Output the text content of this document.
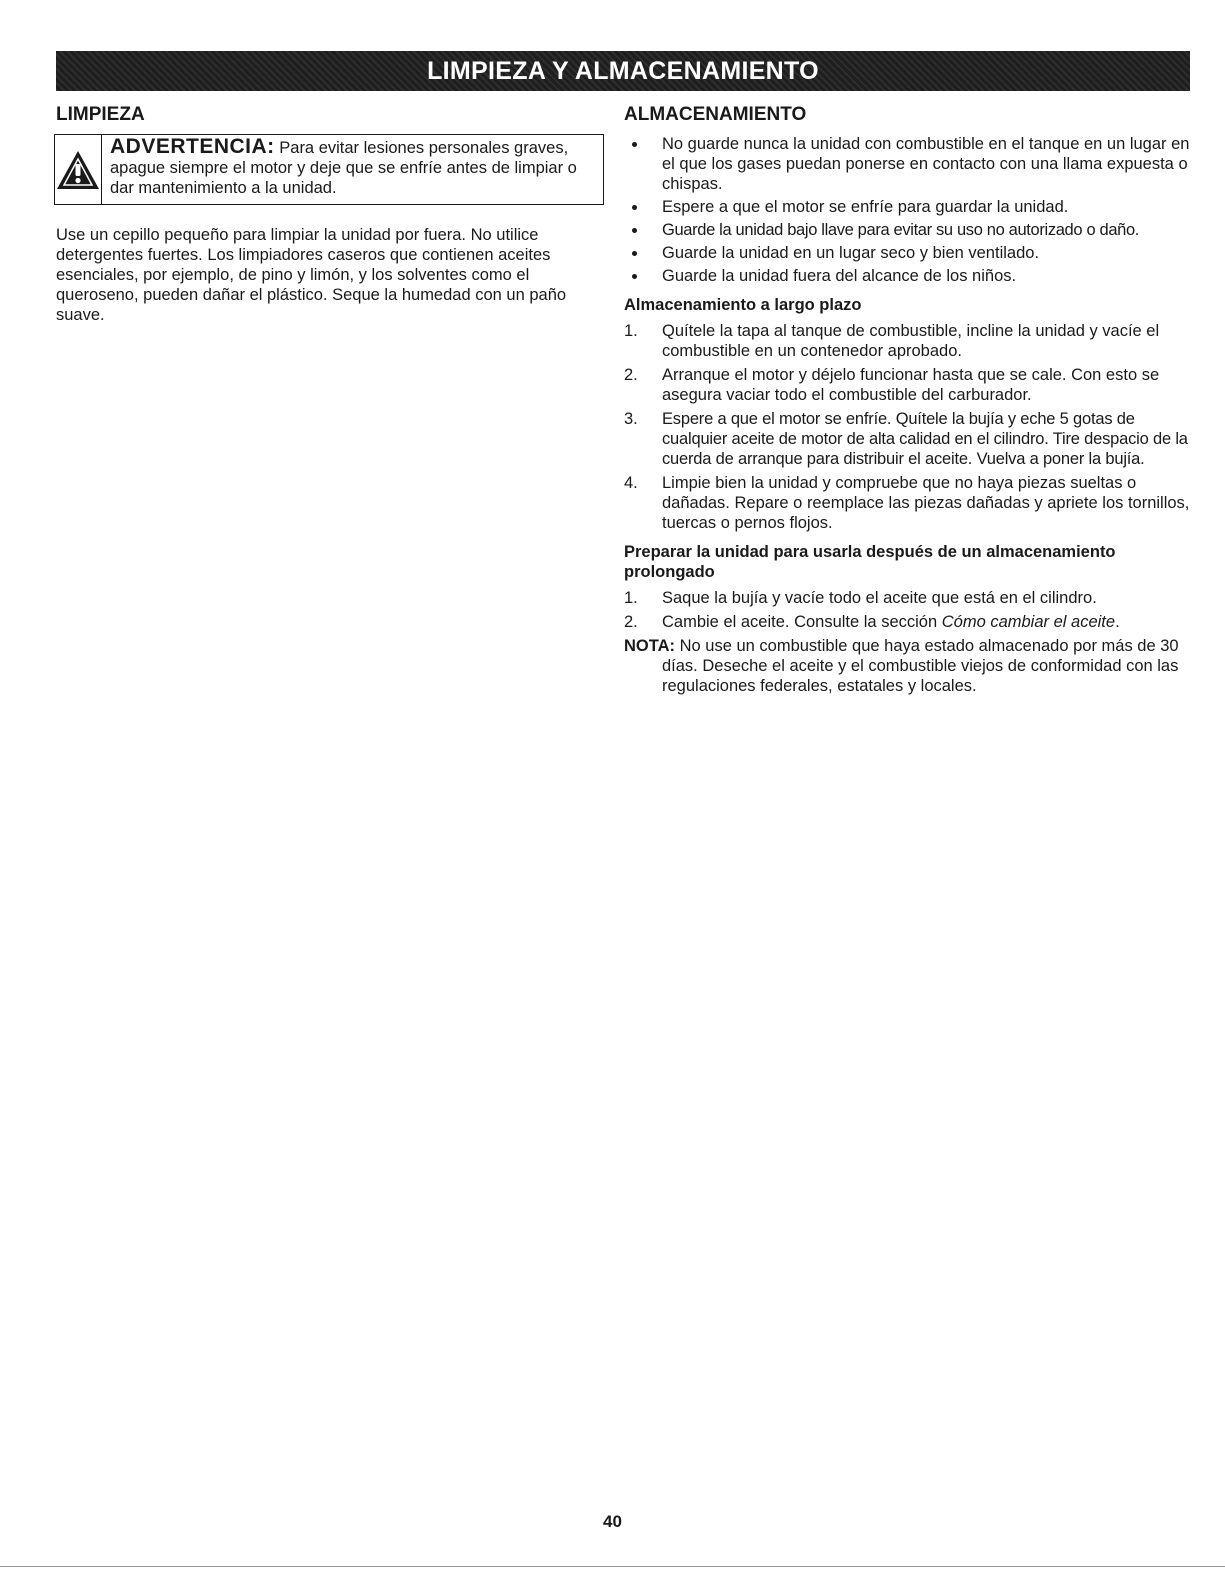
LIMPIEZA Y ALMACENAMIENTO
LIMPIEZA
ADVERTENCIA: Para evitar lesiones personales graves, apague siempre el motor y deje que se enfríe antes de limpiar o dar mantenimiento a la unidad.

Use un cepillo pequeño para limpiar la unidad por fuera. No utilice detergentes fuertes. Los limpiadores caseros que contienen aceites esenciales, por ejemplo, de pino y limón, y los solventes como el queroseno, pueden dañar el plástico. Seque la humedad con un paño suave.

ALMACENAMIENTO
No guarde nunca la unidad con combustible en el tanque en un lugar en el que los gases puedan ponerse en contacto con una llama expuesta o chispas.
Espere a que el motor se enfríe para guardar la unidad.
Guarde la unidad bajo llave para evitar su uso no autorizado o daño.
Guarde la unidad en un lugar seco y bien ventilado.
Guarde la unidad fuera del alcance de los niños.
Almacenamiento a largo plazo
1.	Quítele la tapa al tanque de combustible, incline la unidad y vacíe el combustible en un contenedor aprobado.
2.	Arranque el motor y déjelo funcionar hasta que se cale. Con esto se asegura vaciar todo el combustible del carburador.
3.	Espere a que el motor se enfríe. Quítele la bujía y eche 5 gotas de cualquier aceite de motor de alta calidad en el cilindro. Tire despacio de la cuerda de arranque para distribuir el aceite. Vuelva a poner la bujía.
4.	Limpie bien la unidad y compruebe que no haya piezas sueltas o dañadas. Repare o reemplace las piezas dañadas y apriete los tornillos, tuercas o pernos flojos.
Preparar la unidad para usarla después de un almacenamiento prolongado
1.	Saque la bujía y vacíe todo el aceite que está en el cilindro.
2.	Cambie el aceite. Consulte la sección Cómo cambiar el aceite.
NOTA: No use un combustible que haya estado almacenado por más de 30 días. Deseche el aceite y el combustible viejos de conformidad con las regulaciones federales, estatales y locales.
40
